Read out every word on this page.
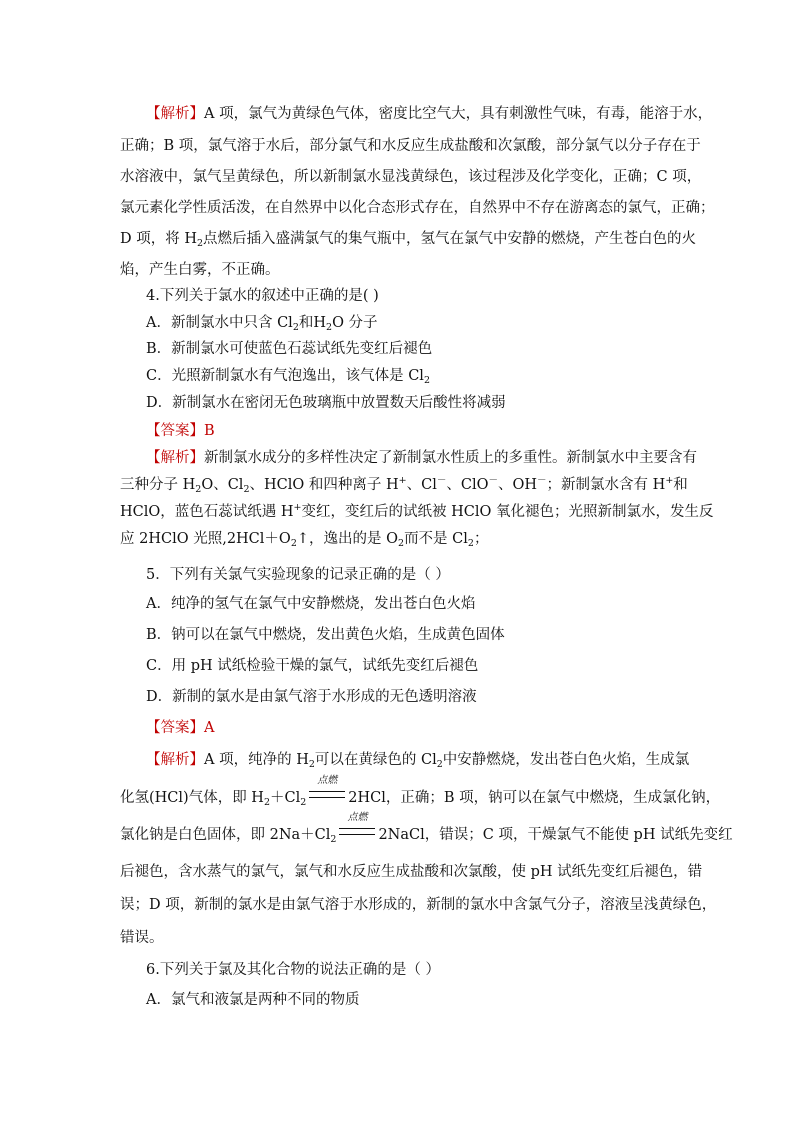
【解析】A 项，氯气为黄绿色气体，密度比空气大，具有刺激性气味，有毒，能溶于水，
正确；B 项，氯气溶于水后，部分氯气和水反应生成盐酸和次氯酸，部分氯气以分子存在于
水溶液中，氯气呈黄绿色，所以新制氯水显浅黄绿色，该过程涉及化学变化，正确；C 项，
氯元素化学性质活泼，在自然界中以化合态形式存在，自然界中不存在游离态的氯气，正确；
D 项，将 $H_2$点燃后插入盛满氯气的集气瓶中，氢气在氯气中安静的燃烧，产生苍白色的火
焰，产生白雾，不正确。
4.下列关于氯水的叙述中正确的是( )
A．新制氯水中只含 $Cl_2$和$H_2O$ 分子
B．新制氯水可使蓝色石蕊试纸先变红后褪色
C．光照新制氯水有气泡逸出，该气体是 $Cl_2$
D．新制氯水在密闭无色玻璃瓶中放置数天后酸性将减弱
【答案】B
【解析】新制氯水成分的多样性决定了新制氯水性质上的多重性。新制氯水中主要含有
三种分子 $H_2O$、$Cl_2$、HClO 和四种离子 H+、Cl－、ClO－、OH－；新制氯水含有 H+和
HClO，蓝色石蕊试纸遇 H+变红，变红后的试纸被 HClO 氧化褪色；光照新制氯水，发生反
应 2HClO 光照$,2HCl+O_2↑$，逸出的是 $O_2$而不是 $Cl_2$；
5．下列有关氯气实验现象的记录正确的是（ ）
A．纯净的氢气在氯气中安静燃烧，发出苍白色火焰
B．钠可以在氯气中燃烧，发出黄色火焰，生成黄色固体
C．用 pH 试纸检验干燥的氯气，试纸先变红后褪色
D．新制的氯水是由氯气溶于水形成的无色透明溶液
【答案】A
【解析】A 项，纯净的 $H_2$可以在黄绿色的 $Cl_2$中安静燃烧，发出苍白色火焰，生成氯
化氢(HCl)气体，即 $H_2+Cl_2$
点燃
2HCl，正确；B 项，钠可以在氯气中燃烧，生成氯化钠，
氯化钠是白色固体，即 $2Na+Cl_2$
点燃
2NaCl，错误；C 项，干燥氯气不能使 pH 试纸先变红
后褪色，含水蒸气的氯气，氯气和水反应生成盐酸和次氯酸，使 pH 试纸先变红后褪色，错
误；D 项，新制的氯水是由氯气溶于水形成的，新制的氯水中含氯气分子，溶液呈浅黄绿色，
错误。
6.下列关于氯及其化合物的说法正确的是（ ）
A．氯气和液氯是两种不同的物质
